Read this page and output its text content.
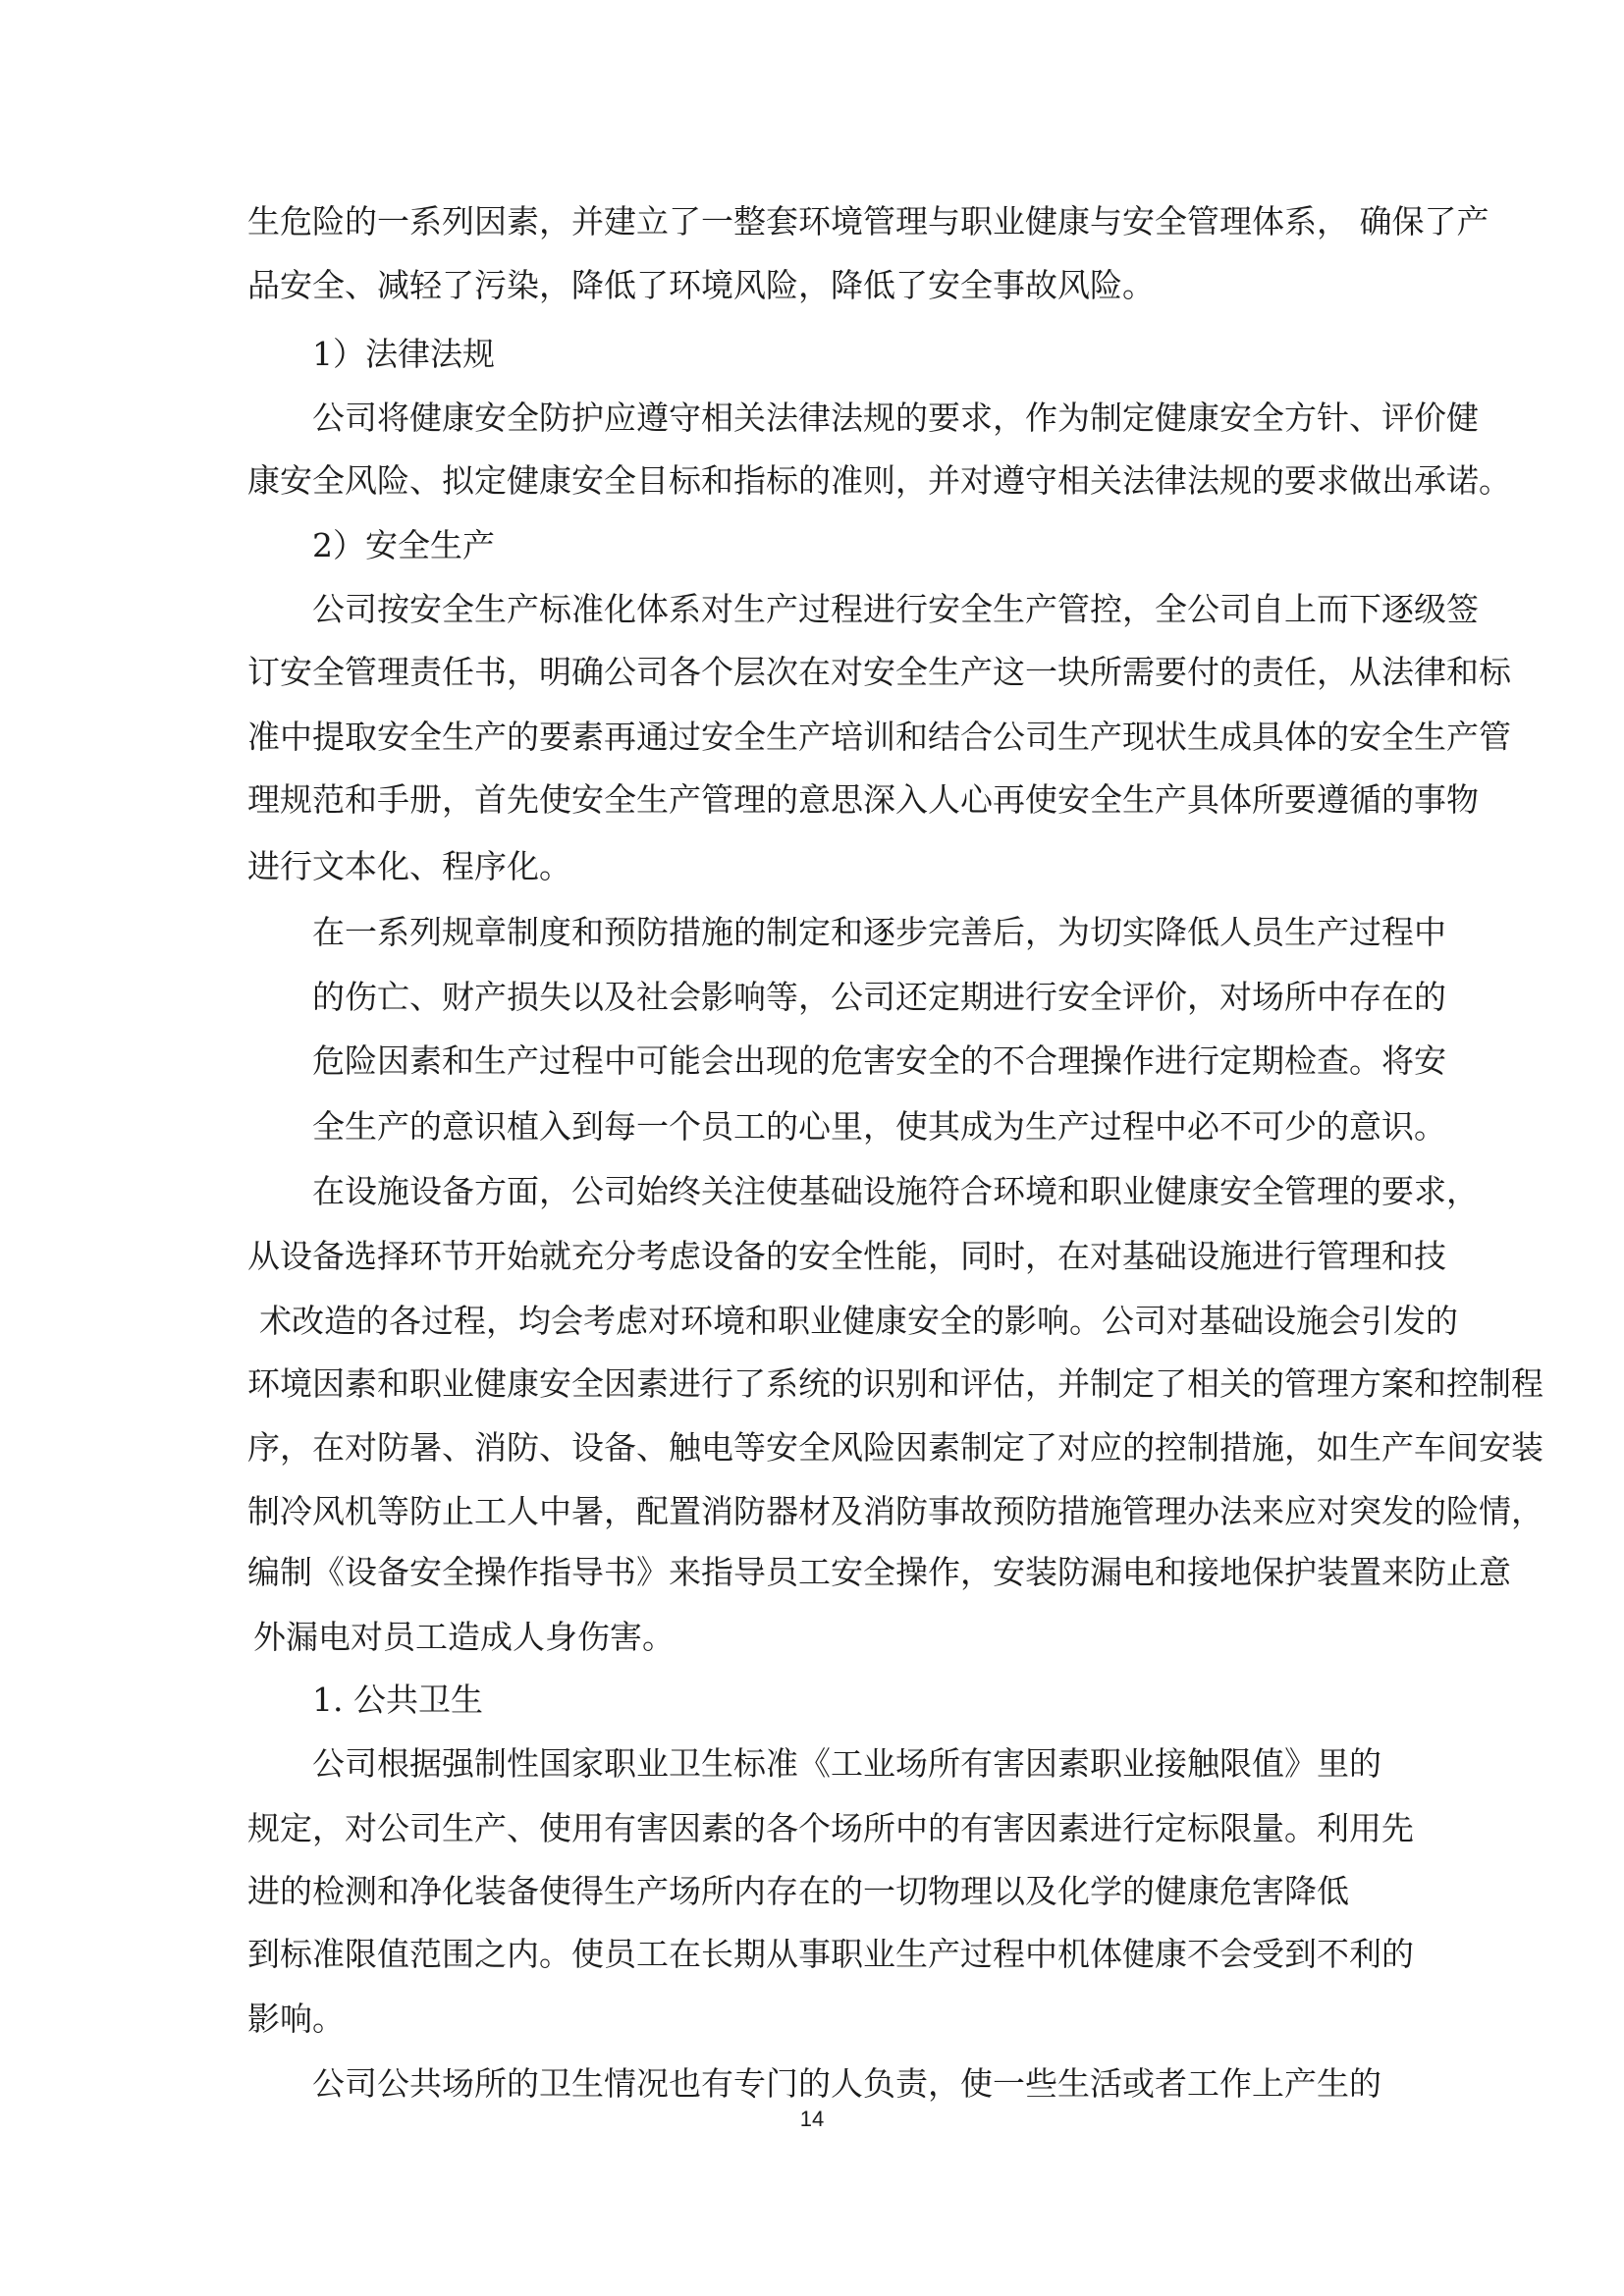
生危险的一系列因素，并建立了一整套环境管理与职业健康与安全管理体系， 确保了产
品安全、减轻了污染，降低了环境风险，降低了安全事故风险。
1）法律法规
公司将健康安全防护应遵守相关法律法规的要求，作为制定健康安全方针、评价健
康安全风险、拟定健康安全目标和指标的准则，并对遵守相关法律法规的要求做出承诺。
2）安全生产
公司按安全生产标准化体系对生产过程进行安全生产管控，全公司自上而下逐级签
订安全管理责任书，明确公司各个层次在对安全生产这一块所需要付的责任，从法律和标
准中提取安全生产的要素再通过安全生产培训和结合公司生产现状生成具体的安全生产管
理规范和手册，首先使安全生产管理的意思深入人心再使安全生产具体所要遵循的事物
进行文本化、程序化。
在一系列规章制度和预防措施的制定和逐步完善后，为切实降低人员生产过程中
的伤亡、财产损失以及社会影响等，公司还定期进行安全评价，对场所中存在的
危险因素和生产过程中可能会出现的危害安全的不合理操作进行定期检查。将安
全生产的意识植入到每一个员工的心里，使其成为生产过程中必不可少的意识。
在设施设备方面，公司始终关注使基础设施符合环境和职业健康安全管理的要求，
从设备选择环节开始就充分考虑设备的安全性能，同时，在对基础设施进行管理和技
术改造的各过程，均会考虑对环境和职业健康安全的影响。公司对基础设施会引发的
环境因素和职业健康安全因素进行了系统的识别和评估，并制定了相关的管理方案和控制程
序，在对防暑、消防、设备、触电等安全风险因素制定了对应的控制措施，如生产车间安装
制冷风机等防止工人中暑，配置消防器材及消防事故预防措施管理办法来应对突发的险情，
编制《设备安全操作指导书》来指导员工安全操作，安装防漏电和接地保护装置来防止意
外漏电对员工造成人身伤害。
1. 公共卫生
公司根据强制性国家职业卫生标准《工业场所有害因素职业接触限值》里的
规定，对公司生产、使用有害因素的各个场所中的有害因素进行定标限量。利用先
进的检测和净化装备使得生产场所内存在的一切物理以及化学的健康危害降低
到标准限值范围之内。使员工在长期从事职业生产过程中机体健康不会受到不利的
影响。
公司公共场所的卫生情况也有专门的人负责，使一些生活或者工作上产生的
14
